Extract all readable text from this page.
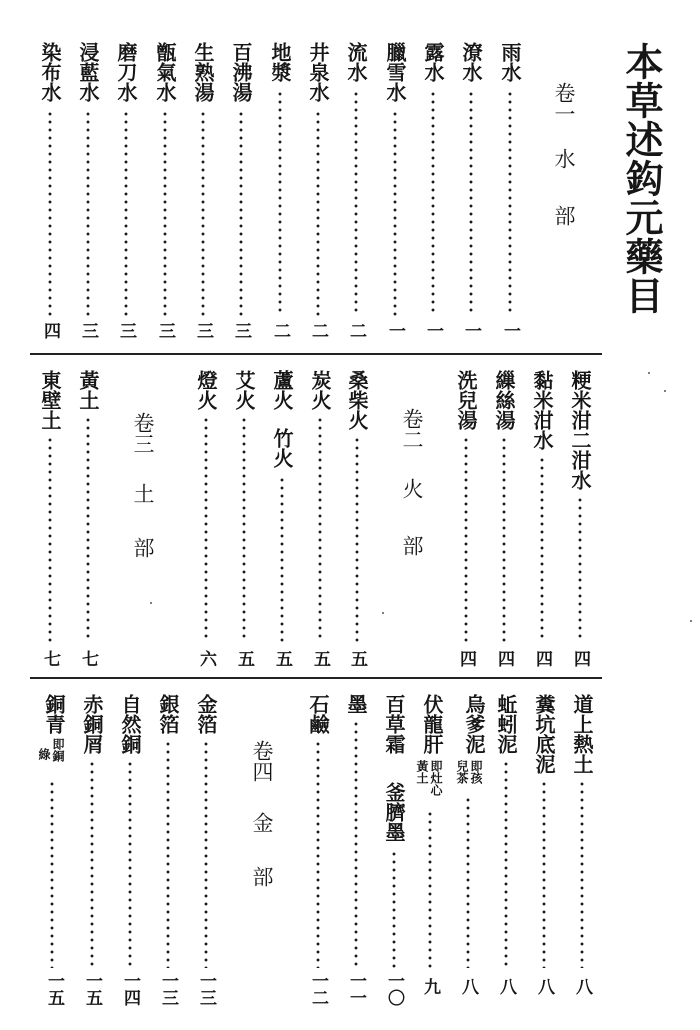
本草述鈎元藥目
卷一
水
部
雨水
一
潦水
一
露水
一
臘雪水
一
流水
二
井泉水
二
地漿
二
百沸湯
三
生熟湯
三
甑氣水
三
磨刀水
三
浸藍水
三
染布水
四
粳米泔二泔水
四
黏米泔水
四
繅絲湯
四
洗兒湯
四
卷二
火
部
桑柴火
五
炭火
五
蘆火
竹火
五
艾火
五
燈火
六
卷三
土
部
黃土
七
東壁土
七
道上熱土
八
糞坑底泥
八
蚯蚓泥
八
烏爹泥
即孩
兒茶
八
伏龍肝
即灶心
黃土
九
百草霜
釜臍墨
一〇
墨
一一
石鹼
一二
卷四
金
部
金箔
一三
銀箔
一三
自然銅
一四
赤銅屑
一五
銅青
即銅
綠
一五
